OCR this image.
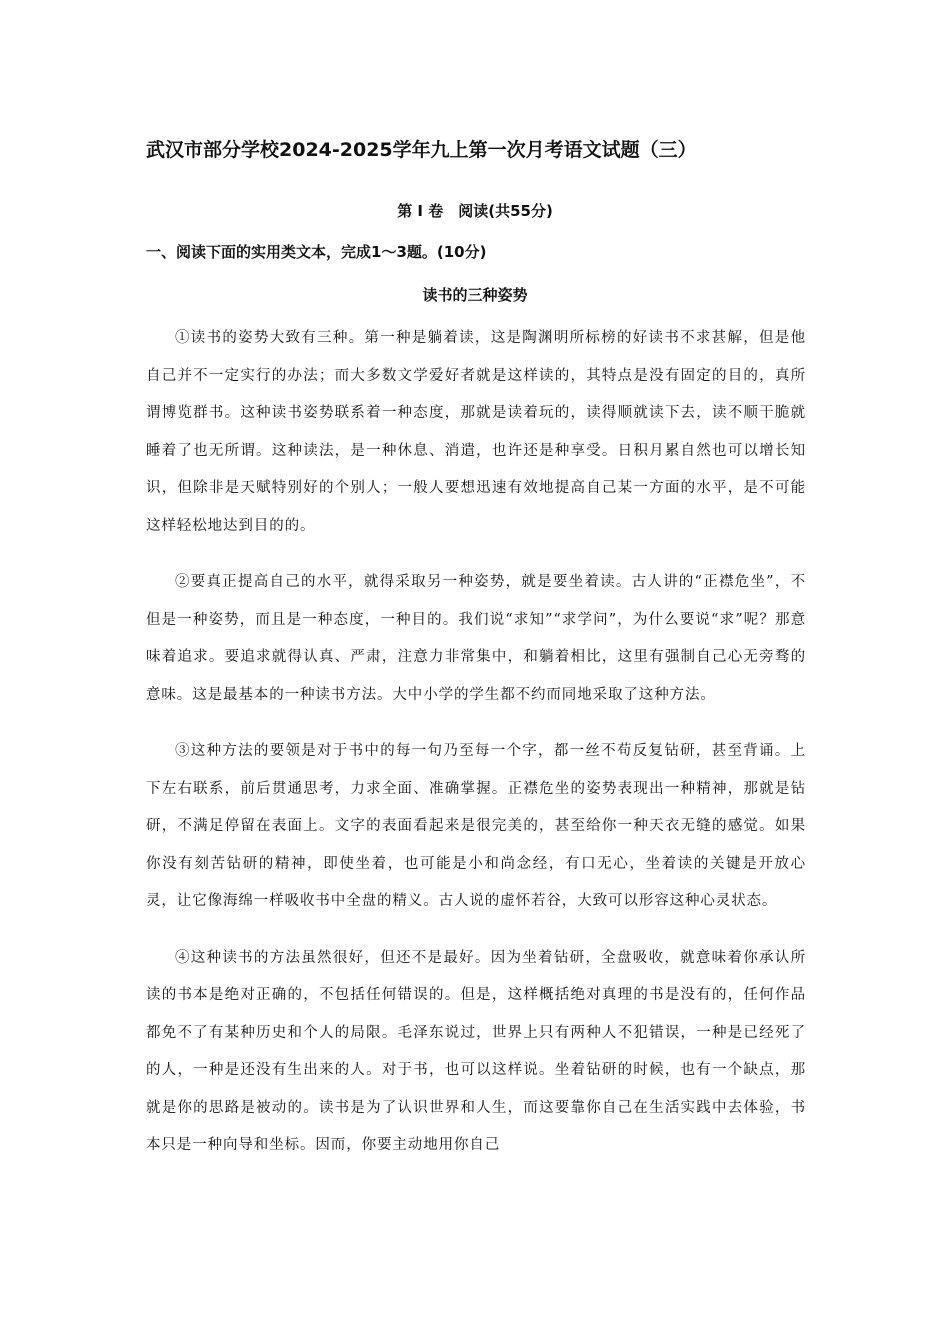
武汉市部分学校2024-2025学年九上第一次月考语文试题（三）
第 I 卷　阅读(共55分)
一、阅读下面的实用类文本，完成1～3题。(10分)
读书的三种姿势

①读书的姿势大致有三种。第一种是躺着读，这是陶渊明所标榜的好读书不求甚解，但是他自己并不一定实行的办法；而大多数文学爱好者就是这样读的，其特点是没有固定的目的，真所谓博览群书。这种读书姿势联系着一种态度，那就是读着玩的，读得顺就读下去，读不顺干脆就睡着了也无所谓。这种读法，是一种休息、消遣，也许还是种享受。日积月累自然也可以增长知识，但除非是天赋特别好的个别人；一般人要想迅速有效地提高自己某一方面的水平，是不可能这样轻松地达到目的的。

②要真正提高自己的水平，就得采取另一种姿势，就是要坐着读。古人讲的“正襟危坐”，不但是一种姿势，而且是一种态度，一种目的。我们说“求知”“求学问”，为什么要说“求”呢？那意味着追求。要追求就得认真、严肃，注意力非常集中，和躺着相比，这里有强制自己心无旁骛的意味。这是最基本的一种读书方法。大中小学的学生都不约而同地采取了这种方法。

③这种方法的要领是对于书中的每一句乃至每一个字，都一丝不苟反复钻研，甚至背诵。上下左右联系，前后贯通思考，力求全面、准确掌握。正襟危坐的姿势表现出一种精神，那就是钻研，不满足停留在表面上。文字的表面看起来是很完美的，甚至给你一种天衣无缝的感觉。如果你没有刻苦钻研的精神，即使坐着，也可能是小和尚念经，有口无心，坐着读的关键是开放心灵，让它像海绵一样吸收书中全盘的精义。古人说的虚怀若谷，大致可以形容这种心灵状态。

④这种读书的方法虽然很好，但还不是最好。因为坐着钻研，全盘吸收，就意味着你承认所读的书本是绝对正确的，不包括任何错误的。但是，这样概括绝对真理的书是没有的，任何作品都免不了有某种历史和个人的局限。毛泽东说过，世界上只有两种人不犯错误，一种是已经死了的人，一种是还没有生出来的人。对于书，也可以这样说。坐着钻研的时候，也有一个缺点，那就是你的思路是被动的。读书是为了认识世界和人生，而这要靠你自己在生活实践中去体验，书本只是一种向导和坐标。因而，你要主动地用你自己
